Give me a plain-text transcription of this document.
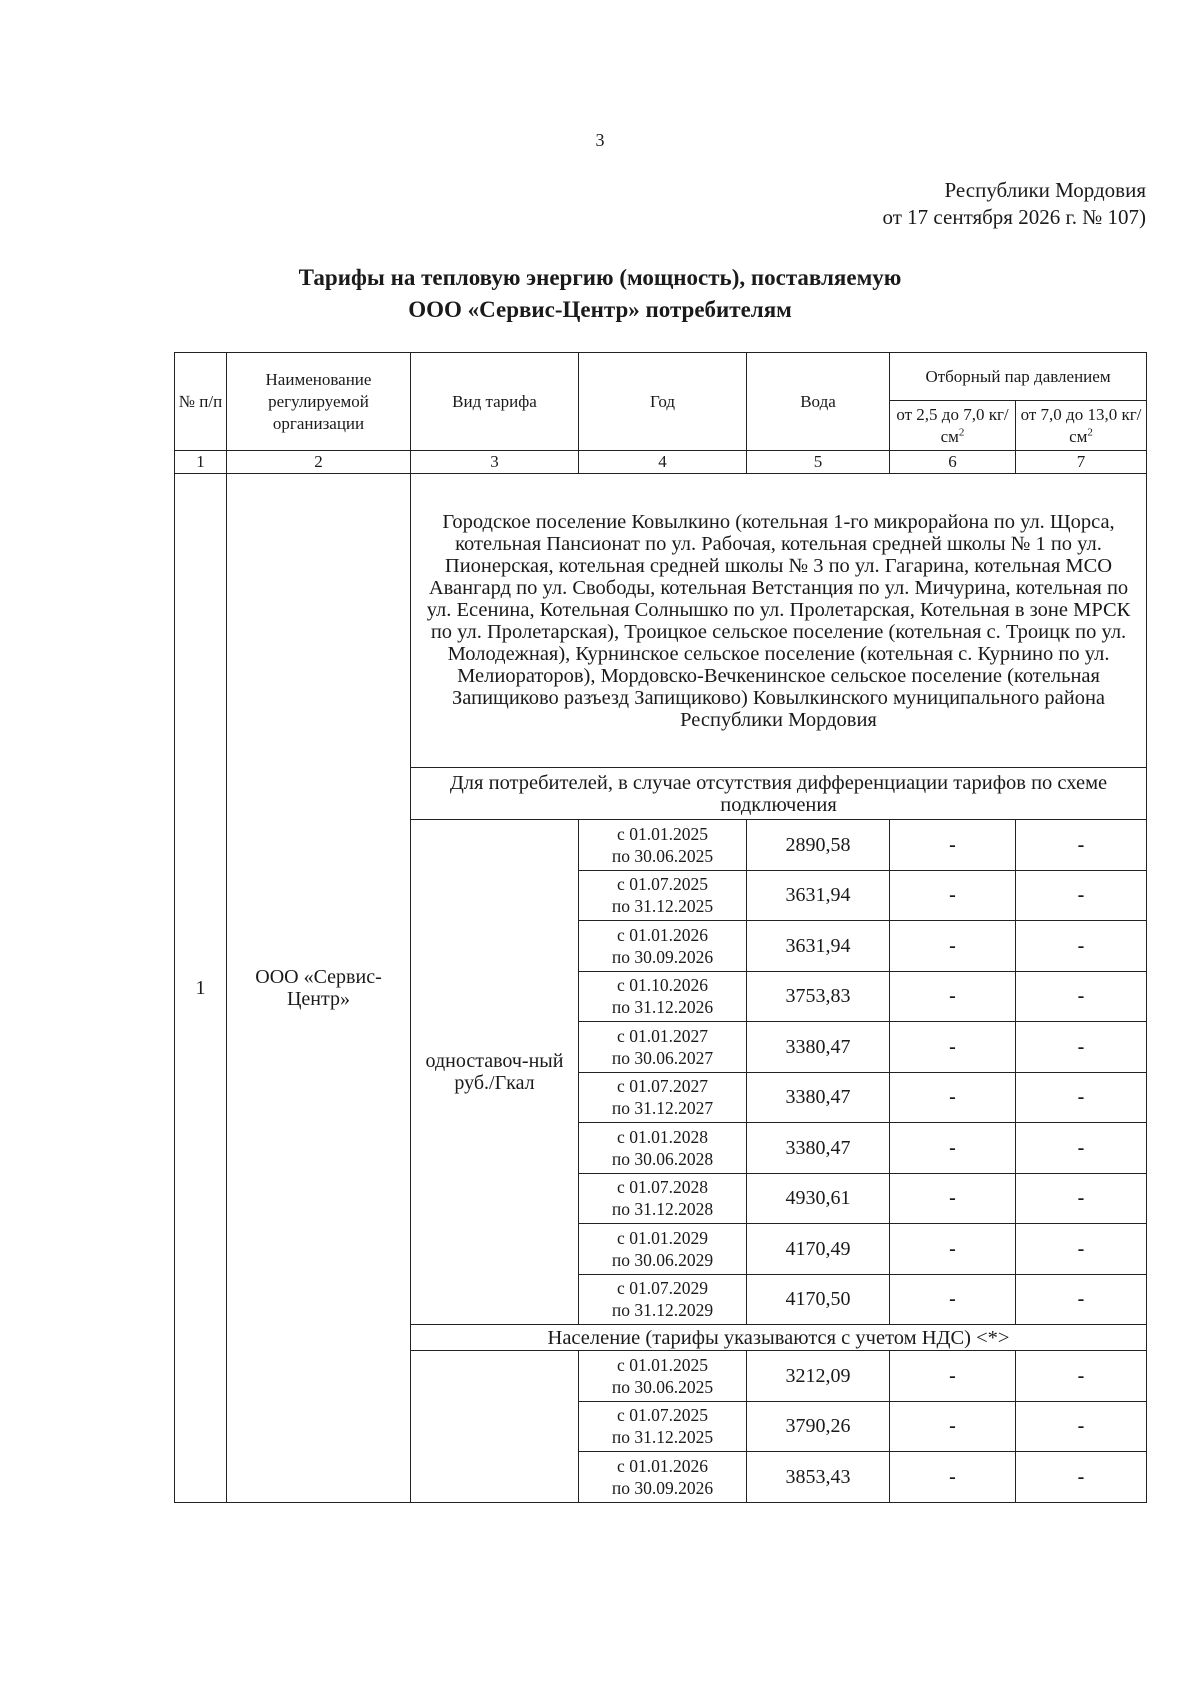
3
Республики Мордовия
от 17 сентября 2026 г. № 107)
Тарифы на тепловую энергию (мощность), поставляемую
ООО «Сервис-Центр» потребителям
№ п/п	Наименование регулируемой организации	Вид тарифа	Год	Вода	Отборный пар давлением	
					от 2,5 до 7,0 $кг/см^2$	от 7,0 до 13,0 $кг/см^2$
1	2	3	4	5	6	7
1	ООО «Сервис-Центр»	Городское поселение Ковылкино (котельная 1-го микрорайона по ул. Щорса, котельная Пансионат по ул. Рабочая, котельная средней школы № 1 по ул. Пионерская, котельная средней школы № 3 по ул. Гагарина, котельная МСО Авангард по ул. Свободы, котельная Ветстанция по ул. Мичурина, котельная по ул. Есенина, Котельная Солнышко по ул. Пролетарская, Котельная в зоне МРСК по ул. Пролетарская), Троицкое сельское поселение (котельная с. Троицк по ул. Молодежная), Курнинское сельское поселение (котельная с. Курнино по ул. Мелиораторов), Мордовско-Вечкенинское сельское поселение (котельная Запищиково разъезд Запищиково) Ковылкинского муниципального района Республики Мордовия				
		Для потребителей, в случае отсутствия дифференциации тарифов по схеме подключения				
		одноставоч-ный руб./Гкал	с 01.01.2025
по 30.06.2025	2890,58	-	-

			с 01.07.2025
по 31.12.2025	3631,94	-	-

			с 01.01.2026
по 30.09.2026	3631,94	-	-

			с 01.10.2026
по 31.12.2026	3753,83	-	-

			с 01.01.2027
по 30.06.2027	3380,47	-	-

			с 01.07.2027
по 31.12.2027	3380,47	-	-

			с 01.01.2028
по 30.06.2028	3380,47	-	-

			с 01.07.2028
по 31.12.2028	4930,61	-	-

			с 01.01.2029
по 30.06.2029	4170,49	-	-

			с 01.07.2029
по 31.12.2029	4170,50	-	-
		Население (тарифы указываются с учетом НДС) <*>				

			с 01.01.2025
по 30.06.2025	3212,09	-	-

			с 01.07.2025
по 31.12.2025	3790,26	-	-

			с 01.01.2026
по 30.09.2026	3853,43	-	-
